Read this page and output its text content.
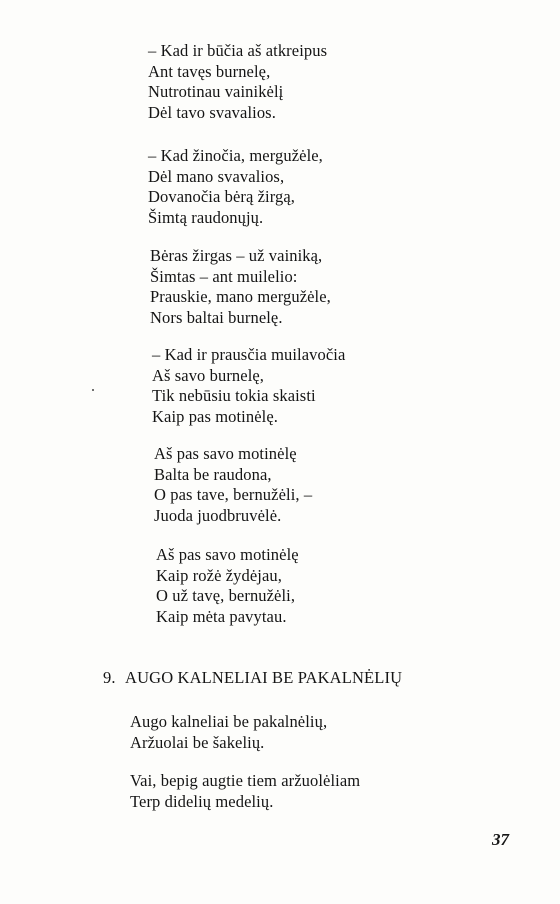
– Kad ir būčia aš atkreipus
Ant tavęs burnelę,
Nutrotinau vainikėlį
Dėl tavo svavalios.
– Kad žinočia, mergužėle,
Dėl mano svavalios,
Dovanočia bėrą žirgą,
Šimtą raudonųjų.
Bėras žirgas – už vainiką,
Šimtas – ant muilelio:
Prauskie, mano mergužėle,
Nors baltai burnelę.
– Kad ir prausčia muilavočia
Aš savo burnelę,
Tik nebūsiu tokia skaisti
Kaip pas motinėlę.
Aš pas savo motinėlę
Balta be raudona,
O pas tave, bernužėli, –
Juoda juodbruvėlė.
Aš pas savo motinėlę
Kaip rožė žydėjau,
O už tavę, bernužėli,
Kaip mėta pavytau.
9. AUGO KALNELIAI BE PAKALNĖLIŲ
Augo kalneliai be pakalnėlių,
Aržuolai be šakelių.
Vai, bepig augtie tiem aržuolėliam
Terp didelių medelių.
37
